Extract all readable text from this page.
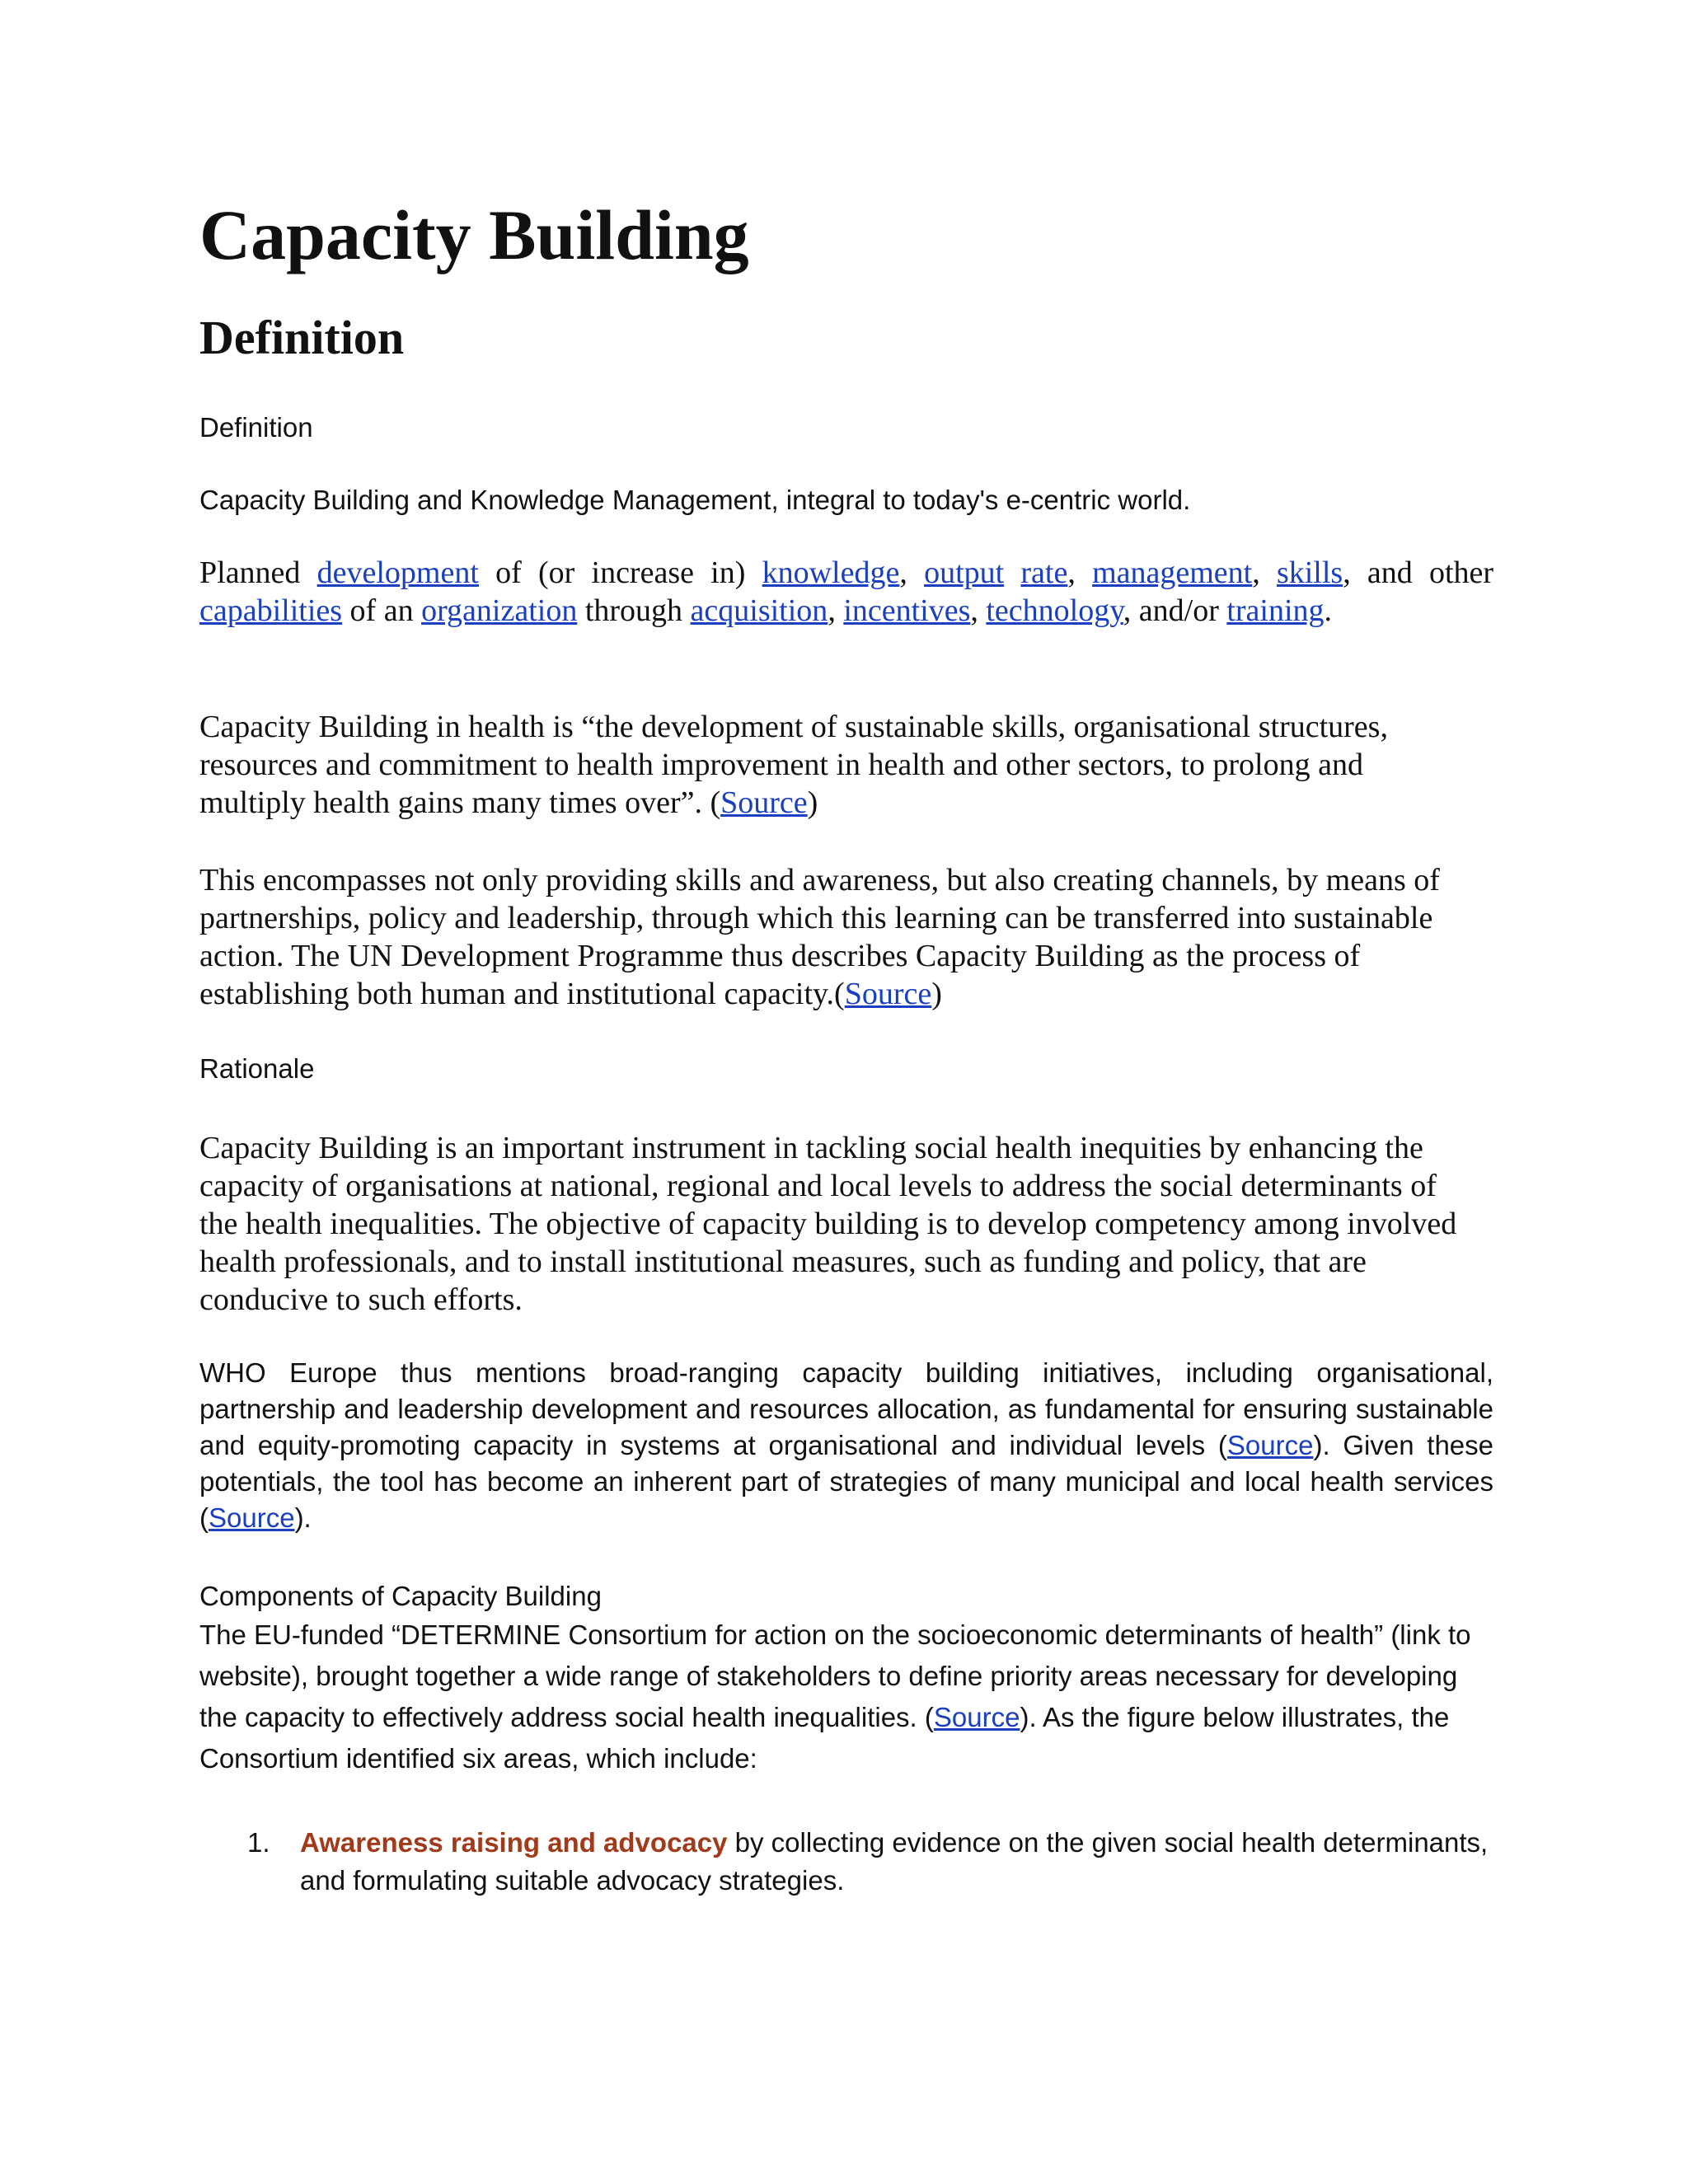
Capacity Building
Definition

Definition

Capacity Building and Knowledge Management, integral to today's e-centric world.

Planned development of (or increase in) knowledge, output rate, management, skills, and other capabilities of an organization through acquisition, incentives, technology, and/or training.

Capacity Building in health is “the development of sustainable skills, organisational structures, resources and commitment to health improvement in health and other sectors, to prolong and multiply health gains many times over”. (Source)

This encompasses not only providing skills and awareness, but also creating channels, by means of partnerships, policy and leadership, through which this learning can be transferred into sustainable action. The UN Development Programme thus describes Capacity Building as the process of establishing both human and institutional capacity.(Source)

Rationale

Capacity Building is an important instrument in tackling social health inequities by enhancing the capacity of organisations at national, regional and local levels to address the social determinants of the health inequalities. The objective of capacity building is to develop competency among involved health professionals, and to install institutional measures, such as funding and policy, that are conducive to such efforts.

WHO Europe thus mentions broad-ranging capacity building initiatives, including organisational, partnership and leadership development and resources allocation, as fundamental for ensuring sustainable and equity-promoting capacity in systems at organisational and individual levels (Source). Given these potentials, the tool has become an inherent part of strategies of many municipal and local health services (Source).

Components of Capacity Building

The EU-funded “DETERMINE Consortium for action on the socioeconomic determinants of health” (link to website), brought together a wide range of stakeholders to define priority areas necessary for developing the capacity to effectively address social health inequalities. (Source). As the figure below illustrates, the Consortium identified six areas, which include:

1. Awareness raising and advocacy by collecting evidence on the given social health determinants, and formulating suitable advocacy strategies.
